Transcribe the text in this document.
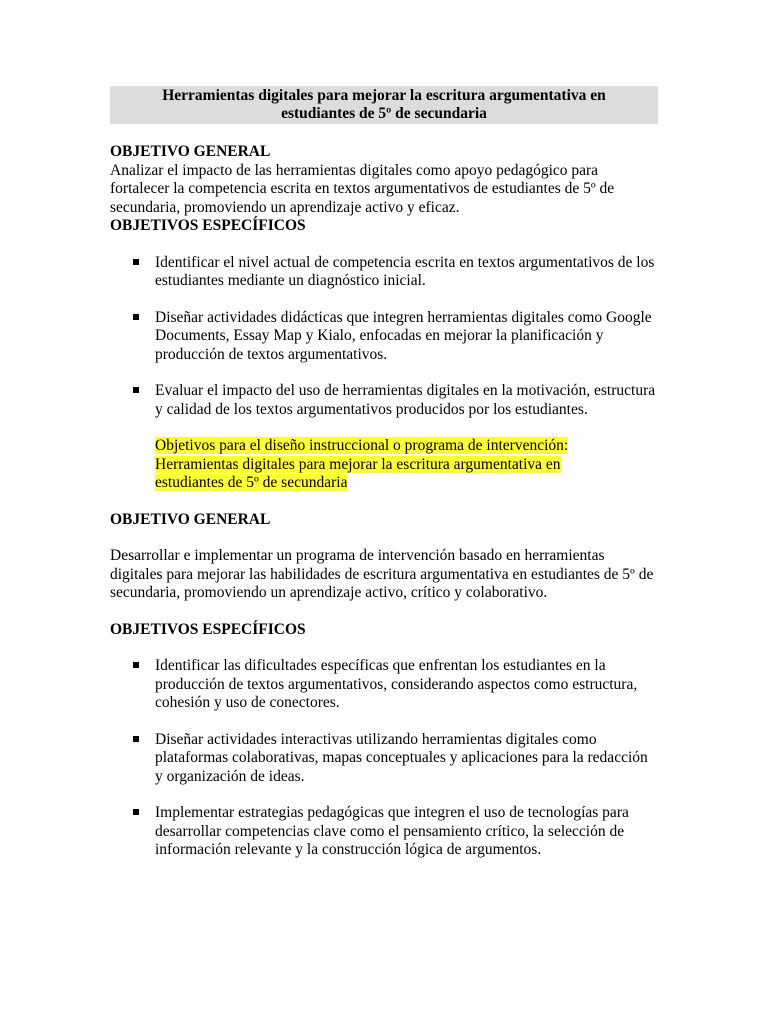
Herramientas digitales para mejorar la escritura argumentativa en
estudiantes de 5º de secundaria
OBJETIVO GENERAL

Analizar el impacto de las herramientas digitales como apoyo pedagógico para fortalecer la competencia escrita en textos argumentativos de estudiantes de 5º de secundaria, promoviendo un aprendizaje activo y eficaz.

OBJETIVOS ESPECÍFICOS
Identificar el nivel actual de competencia escrita en textos argumentativos de los estudiantes mediante un diagnóstico inicial.
Diseñar actividades didácticas que integren herramientas digitales como Google Documents, Essay Map y Kialo, enfocadas en mejorar la planificación y producción de textos argumentativos.
Evaluar el impacto del uso de herramientas digitales en la motivación, estructura y calidad de los textos argumentativos producidos por los estudiantes.
Objetivos para el diseño instruccional o programa de intervención:
Herramientas digitales para mejorar la escritura argumentativa en
estudiantes de 5º de secundaria
OBJETIVO GENERAL

Desarrollar e implementar un programa de intervención basado en herramientas digitales para mejorar las habilidades de escritura argumentativa en estudiantes de 5º de secundaria, promoviendo un aprendizaje activo, crítico y colaborativo.

OBJETIVOS ESPECÍFICOS
Identificar las dificultades específicas que enfrentan los estudiantes en la producción de textos argumentativos, considerando aspectos como estructura, cohesión y uso de conectores.
Diseñar actividades interactivas utilizando herramientas digitales como plataformas colaborativas, mapas conceptuales y aplicaciones para la redacción y organización de ideas.
Implementar estrategias pedagógicas que integren el uso de tecnologías para desarrollar competencias clave como el pensamiento crítico, la selección de información relevante y la construcción lógica de argumentos.
